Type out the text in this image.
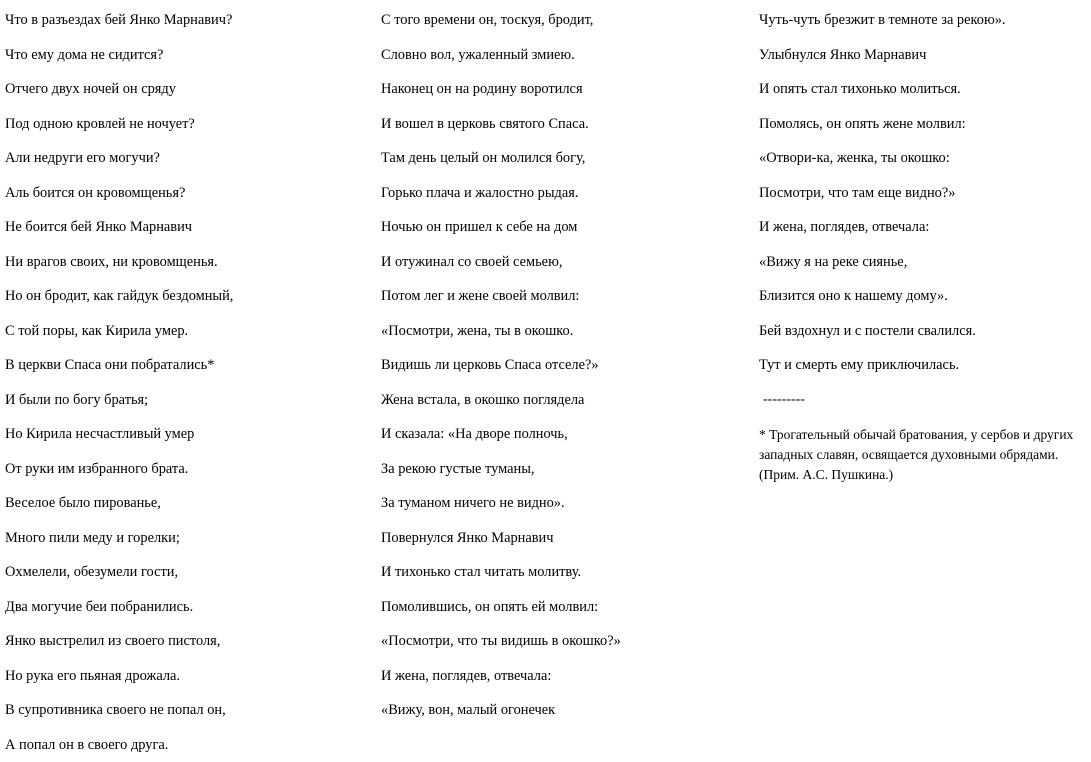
Что в разъездах бей Янко Марнавич?
Что ему дома не сидится?
Отчего двух ночей он сряду
Под одною кровлей не ночует?
Али недруги его могучи?
Аль боится он кровомщенья?
Не боится бей Янко Марнавич
Ни врагов своих, ни кровомщенья.
Но он бродит, как гайдук бездомный,
С той поры, как Кирила умер.
В церкви Спаса они побратались*
И были по богу братья;
Но Кирила несчастливый умер
От руки им избранного брата.
Веселое было пированье,
Много пили меду и горелки;
Охмелели, обезумели гости,
Два могучие беи побранились.
Янко выстрелил из своего пистоля,
Но рука его пьяная дрожала.
В супротивника своего не попал он,
А попал он в своего друга.
С того времени он, тоскуя, бродит,
Словно вол, ужаленный змиею.
Наконец он на родину воротился
И вошел в церковь святого Спаса.
Там день целый он молился богу,
Горько плача и жалостно рыдая.
Ночью он пришел к себе на дом
И отужинал со своей семьею,
Потом лег и жене своей молвил:
«Посмотри, жена, ты в окошко.
Видишь ли церковь Спаса отселе?»
Жена встала, в окошко поглядела
И сказала: «На дворе полночь,
За рекою густые туманы,
За туманом ничего не видно».
Повернулся Янко Марнавич
И тихонько стал читать молитву.
Помолившись, он опять ей молвил:
«Посмотри, что ты видишь в окошко?»
И жена, поглядев, отвечала:
«Вижу, вон, малый огонечек
Чуть-чуть брезжит в темноте за рекою».
Улыбнулся Янко Марнавич
И опять стал тихонько молиться.
Помолясь, он опять жене молвил:
«Отвори-ка, женка, ты окошко:
Посмотри, что там еще видно?»
И жена, поглядев, отвечала:
«Вижу я на реке сиянье,
Близится оно к нашему дому».
Бей вздохнул и с постели свалился.
Тут и смерть ему приключилась.
---------
* Трогательный обычай братования, у сербов и других западных славян, освящается духовными обрядами. (Прим. А.С. Пушкина.)
